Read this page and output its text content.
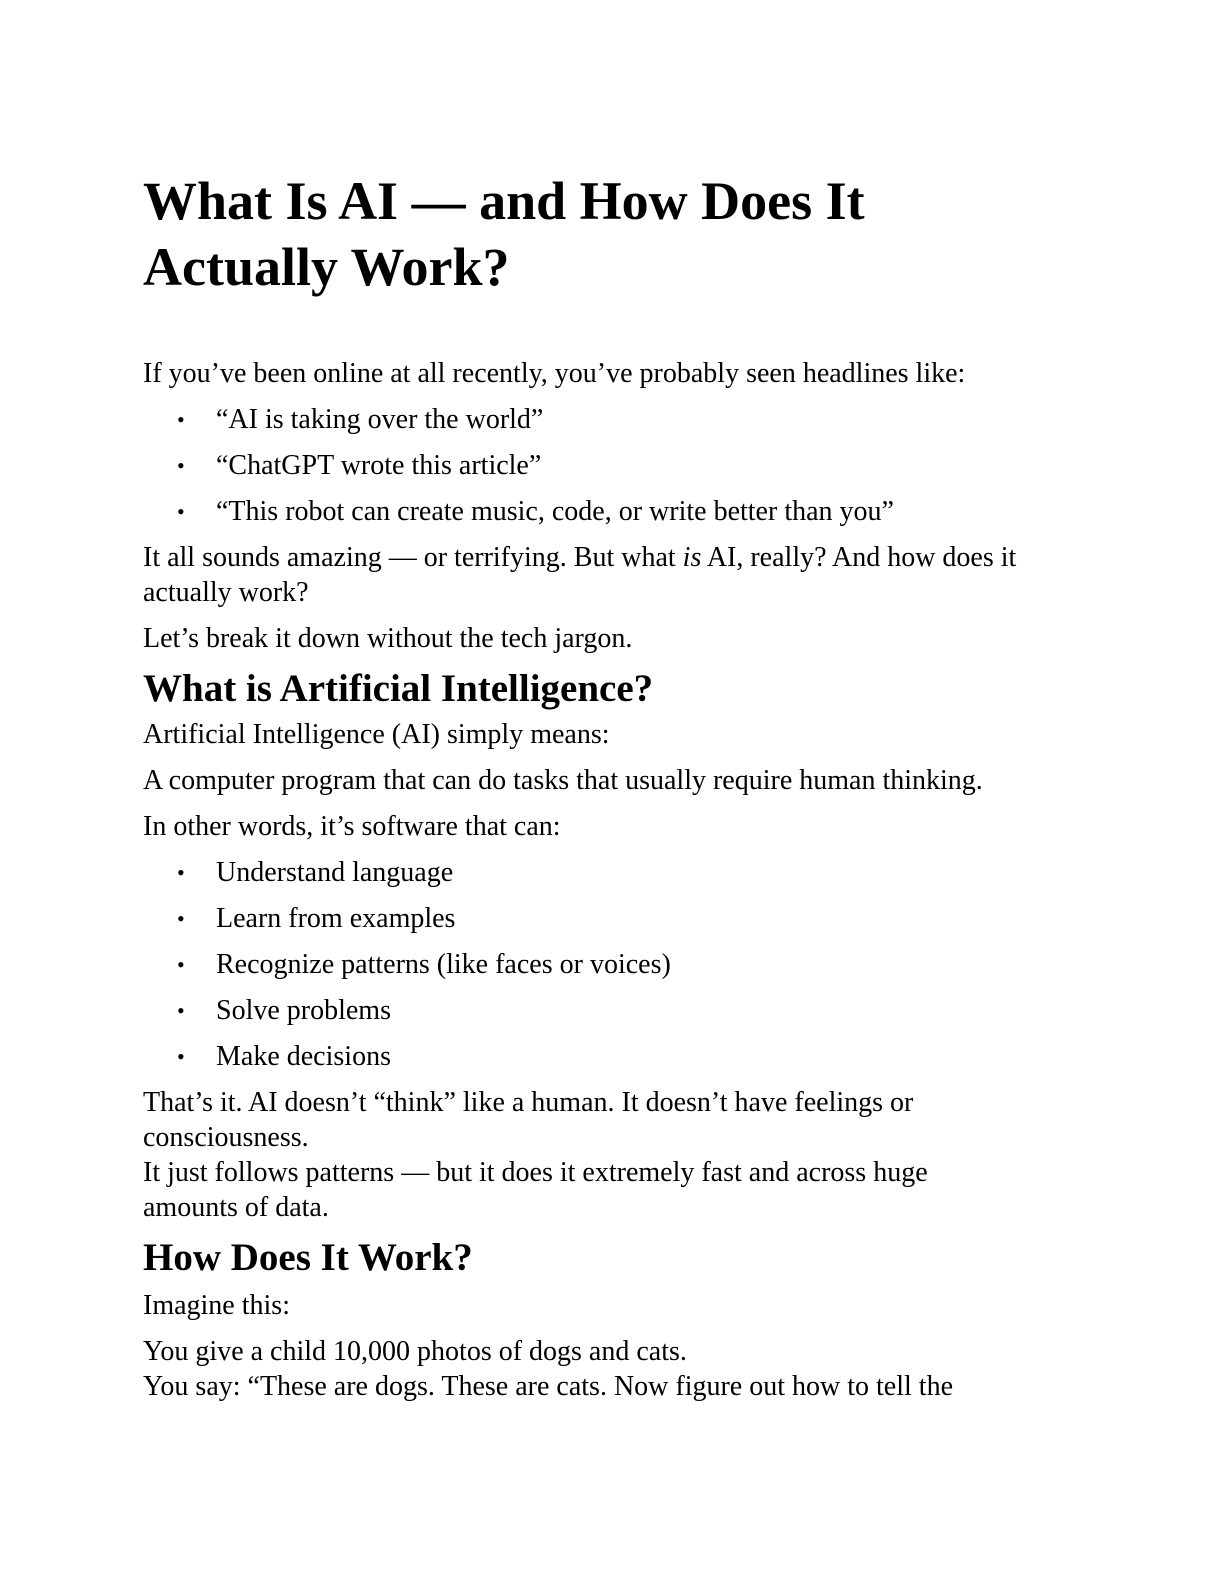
What Is AI — and How Does It Actually Work?

If you’ve been online at all recently, you’ve probably seen headlines like:

• “AI is taking over the world”
• “ChatGPT wrote this article”
• “This robot can create music, code, or write better than you”

It all sounds amazing — or terrifying. But what is AI, really? And how does it actually work?

Let’s break it down without the tech jargon.

What is Artificial Intelligence?

Artificial Intelligence (AI) simply means:

A computer program that can do tasks that usually require human thinking.

In other words, it’s software that can:

• Understand language
• Learn from examples
• Recognize patterns (like faces or voices)
• Solve problems
• Make decisions

That’s it. AI doesn’t “think” like a human. It doesn’t have feelings or consciousness.
It just follows patterns — but it does it extremely fast and across huge amounts of data.

How Does It Work?

Imagine this:

You give a child 10,000 photos of dogs and cats.
You say: “These are dogs. These are cats. Now figure out how to tell the
